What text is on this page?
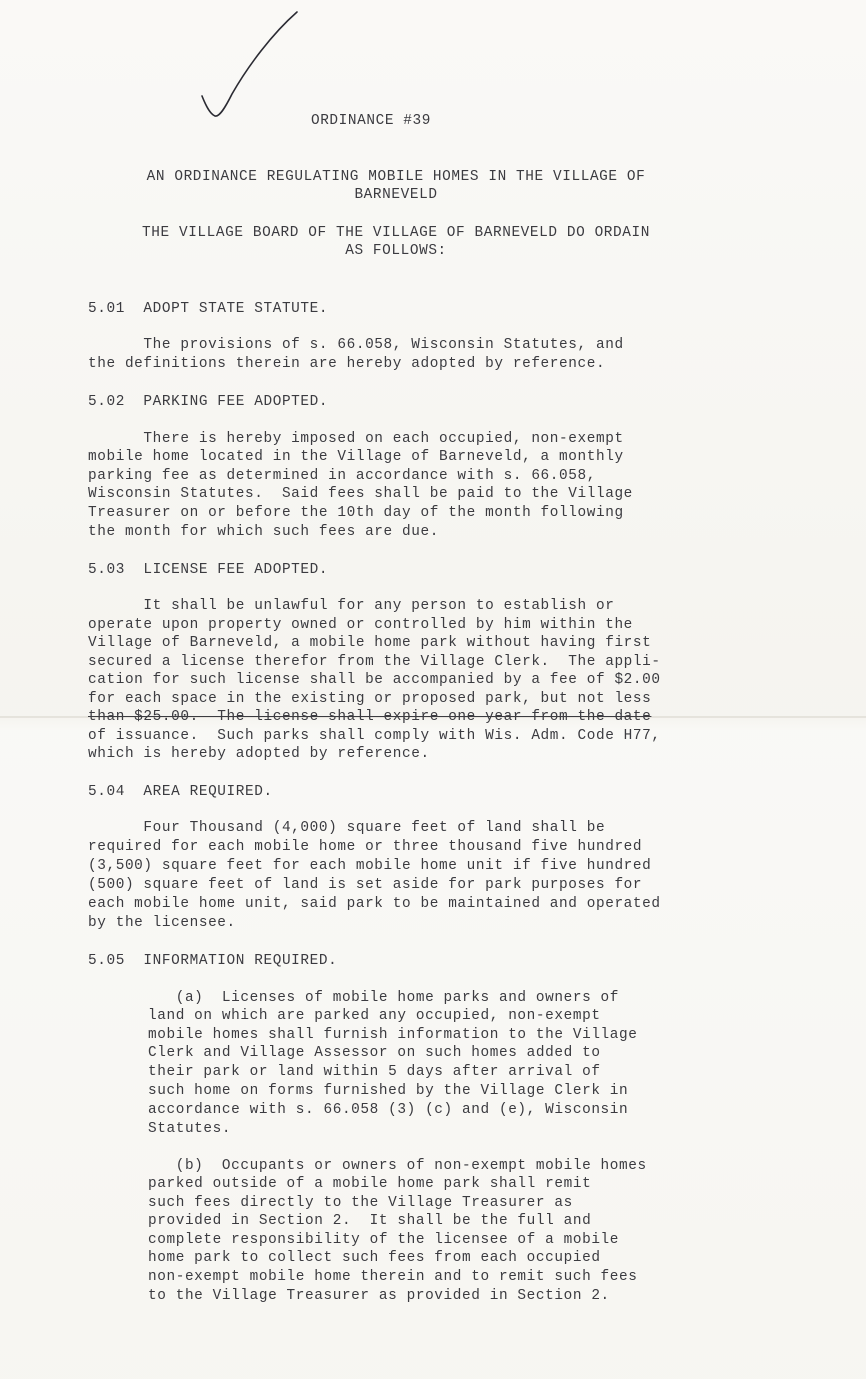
ORDINANCE #39
AN ORDINANCE REGULATING MOBILE HOMES IN THE VILLAGE OF
BARNEVELD
THE VILLAGE BOARD OF THE VILLAGE OF BARNEVELD DO ORDAIN
AS FOLLOWS:
5.01  ADOPT STATE STATUTE.
The provisions of s. 66.058, Wisconsin Statutes, and
the definitions therein are hereby adopted by reference.
5.02  PARKING FEE ADOPTED.
There is hereby imposed on each occupied, non-exempt
mobile home located in the Village of Barneveld, a monthly
parking fee as determined in accordance with s. 66.058,
Wisconsin Statutes.  Said fees shall be paid to the Village
Treasurer on or before the 10th day of the month following
the month for which such fees are due.
5.03  LICENSE FEE ADOPTED.
It shall be unlawful for any person to establish or
operate upon property owned or controlled by him within the
Village of Barneveld, a mobile home park without having first
secured a license therefor from the Village Clerk.  The appli-
cation for such license shall be accompanied by a fee of $2.00
for each space in the existing or proposed park, but not less
than $25.00.  The license shall expire one year from the date
of issuance.  Such parks shall comply with Wis. Adm. Code H77,
which is hereby adopted by reference.
5.04  AREA REQUIRED.
Four Thousand (4,000) square feet of land shall be
required for each mobile home or three thousand five hundred
(3,500) square feet for each mobile home unit if five hundred
(500) square feet of land is set aside for park purposes for
each mobile home unit, said park to be maintained and operated
by the licensee.
5.05  INFORMATION REQUIRED.
(a)  Licenses of mobile home parks and owners of
land on which are parked any occupied, non-exempt
mobile homes shall furnish information to the Village
Clerk and Village Assessor on such homes added to
their park or land within 5 days after arrival of
such home on forms furnished by the Village Clerk in
accordance with s. 66.058 (3) (c) and (e), Wisconsin
Statutes.
(b)  Occupants or owners of non-exempt mobile homes
parked outside of a mobile home park shall remit
such fees directly to the Village Treasurer as
provided in Section 2.  It shall be the full and
complete responsibility of the licensee of a mobile
home park to collect such fees from each occupied
non-exempt mobile home therein and to remit such fees
to the Village Treasurer as provided in Section 2.
